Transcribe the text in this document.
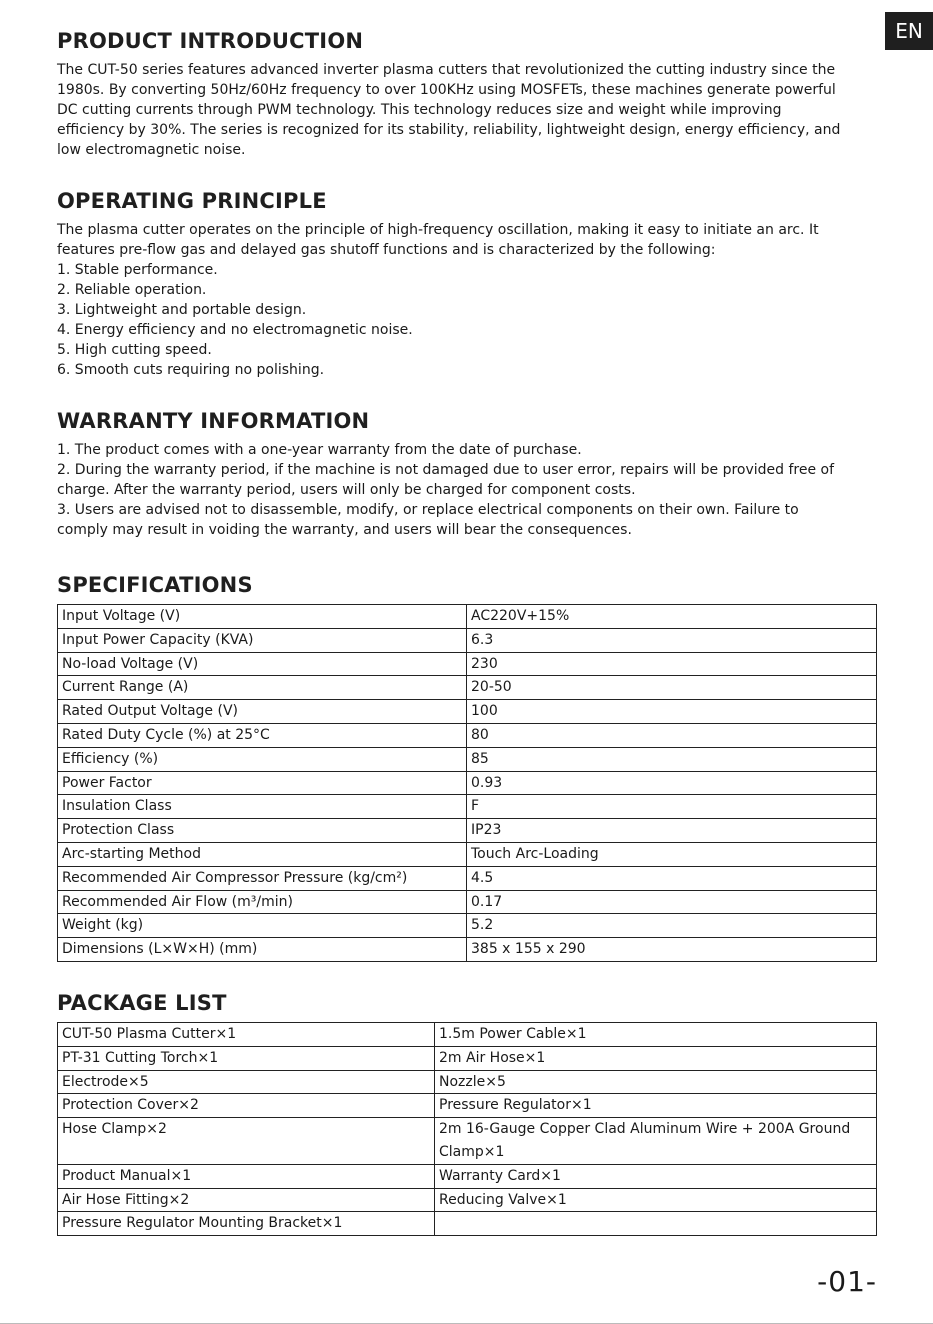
EN
PRODUCT INTRODUCTION

The CUT-50 series features advanced inverter plasma cutters that revolutionized the cutting industry since the
1980s. By converting 50Hz/60Hz frequency to over 100KHz using MOSFETs, these machines generate powerful
DC cutting currents through PWM technology. This technology reduces size and weight while improving
efficiency by 30%. The series is recognized for its stability, reliability, lightweight design, energy efficiency, and
low electromagnetic noise.

OPERATING PRINCIPLE
The plasma cutter operates on the principle of high-frequency oscillation, making it easy to initiate an arc. It
features pre-flow gas and delayed gas shutoff functions and is characterized by the following:
1. Stable performance.
2. Reliable operation.
3. Lightweight and portable design.
4. Energy efficiency and no electromagnetic noise.
5. High cutting speed.
6. Smooth cuts requiring no polishing.
WARRANTY INFORMATION
1. The product comes with a one-year warranty from the date of purchase.
2. During the warranty period, if the machine is not damaged due to user error, repairs will be provided free of
charge. After the warranty period, users will only be charged for component costs.
3. Users are advised not to disassemble, modify, or replace electrical components on their own. Failure to
comply may result in voiding the warranty, and users will bear the consequences.
SPECIFICATIONS
Input Voltage (V)	AC220V+15%
Input Power Capacity (KVA)	6.3
No-load Voltage (V)	230
Current Range (A)	20-50
Rated Output Voltage (V)	100
Rated Duty Cycle (%) at 25°C	80
Efficiency (%)	85
Power Factor	0.93
Insulation Class	F
Protection Class	IP23
Arc-starting Method	Touch Arc-Loading
Recommended Air Compressor Pressure (kg/cm²)	4.5
Recommended Air Flow (m³/min)	0.17
Weight (kg)	5.2
Dimensions (L×W×H) (mm)	385 x 155 x 290
PACKAGE LIST
CUT-50 Plasma Cutter×1	1.5m Power Cable×1
PT-31 Cutting Torch×1	2m Air Hose×1
Electrode×5	Nozzle×5
Protection Cover×2	Pressure Regulator×1
Hose Clamp×2	2m 16-Gauge Copper Clad Aluminum Wire + 200A Ground Clamp×1
Product Manual×1	Warranty Card×1
Air Hose Fitting×2	Reducing Valve×1
Pressure Regulator Mounting Bracket×1	
-01-
